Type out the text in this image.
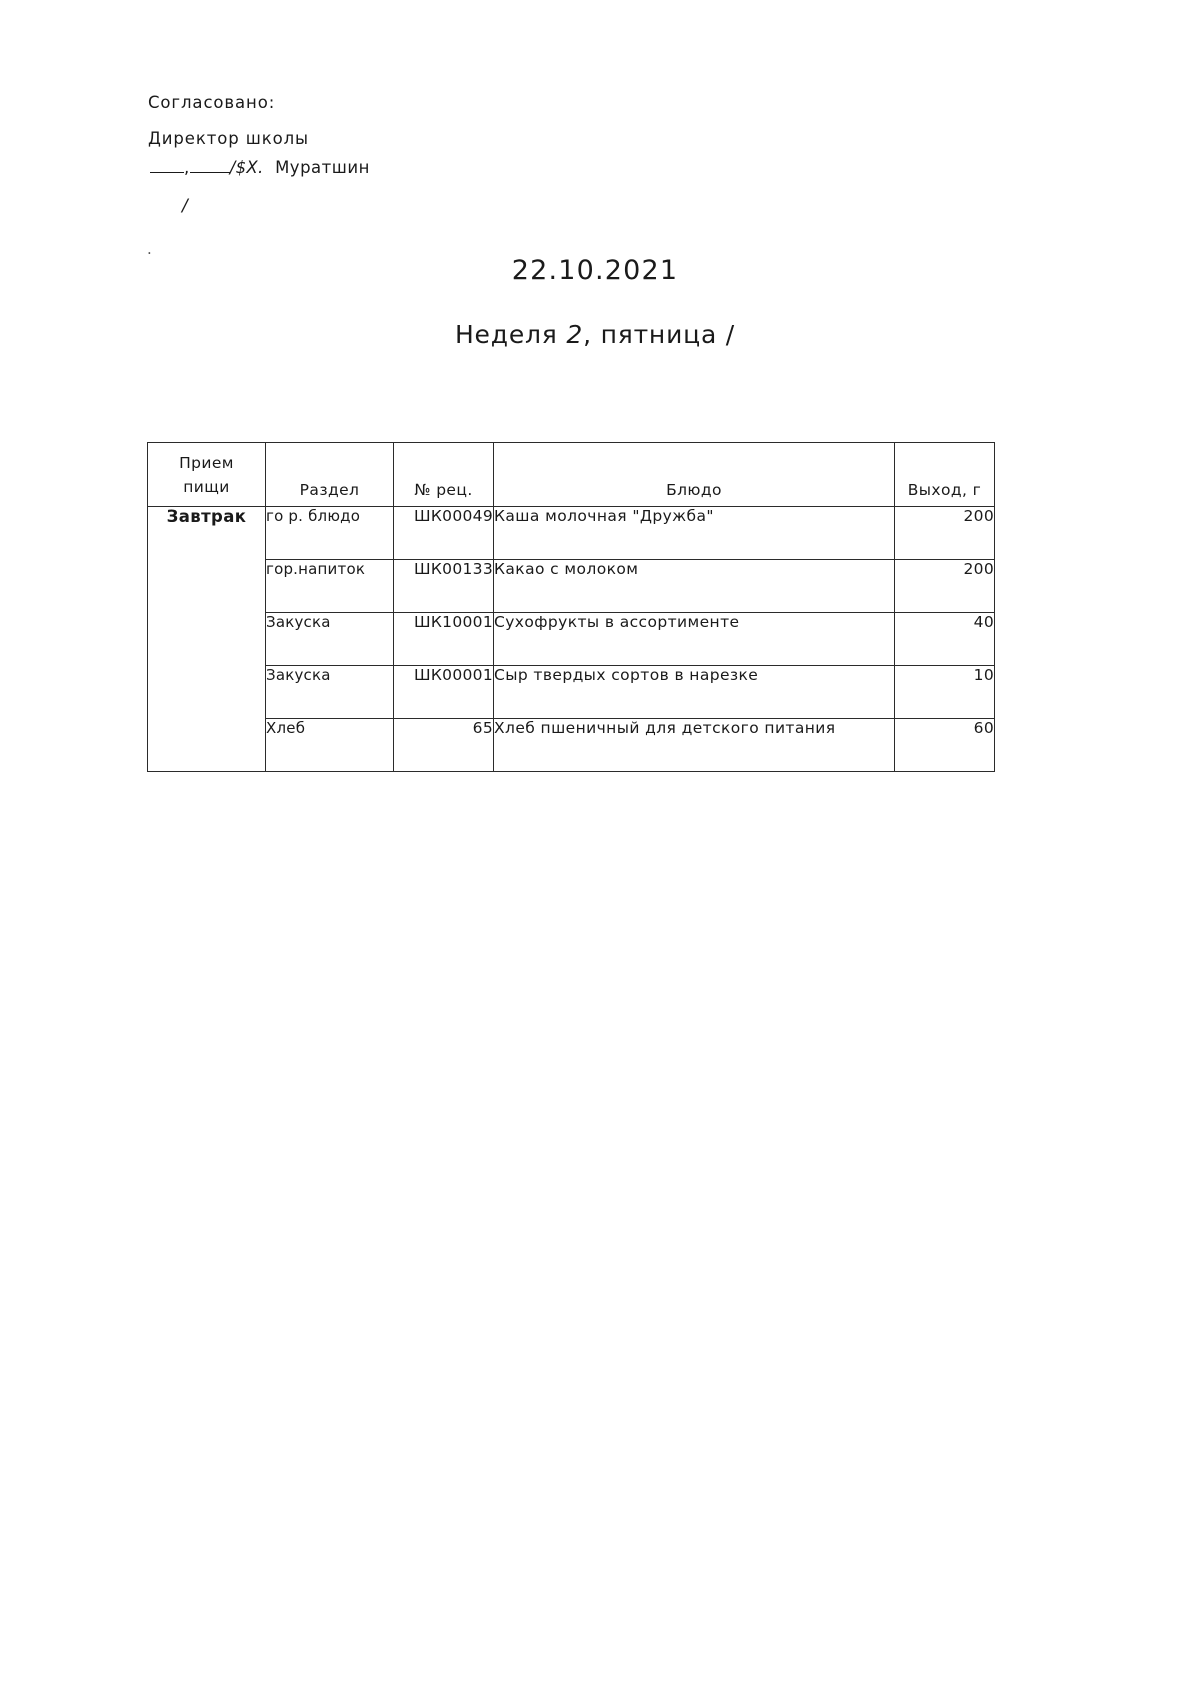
Согласовано:
Директор школы
, /$Х. Муратшин
/
.
22.10.2021
Неделя 2, пятница /
Прием
пищи	Раздел	№ рец.	Блюдо	Выход, г
Завтрак	го р. блюдо	ШК00049	Каша молочная "Дружба"	200
	гор.напиток	ШК00133	Какао с молоком	200
	Закуска	ШК10001	Сухофрукты в ассортименте	40
	Закуска	ШК00001	Сыр твердых сортов в нарезке	10
	Хлеб	65	Хлеб пшеничный для детского питания	60
